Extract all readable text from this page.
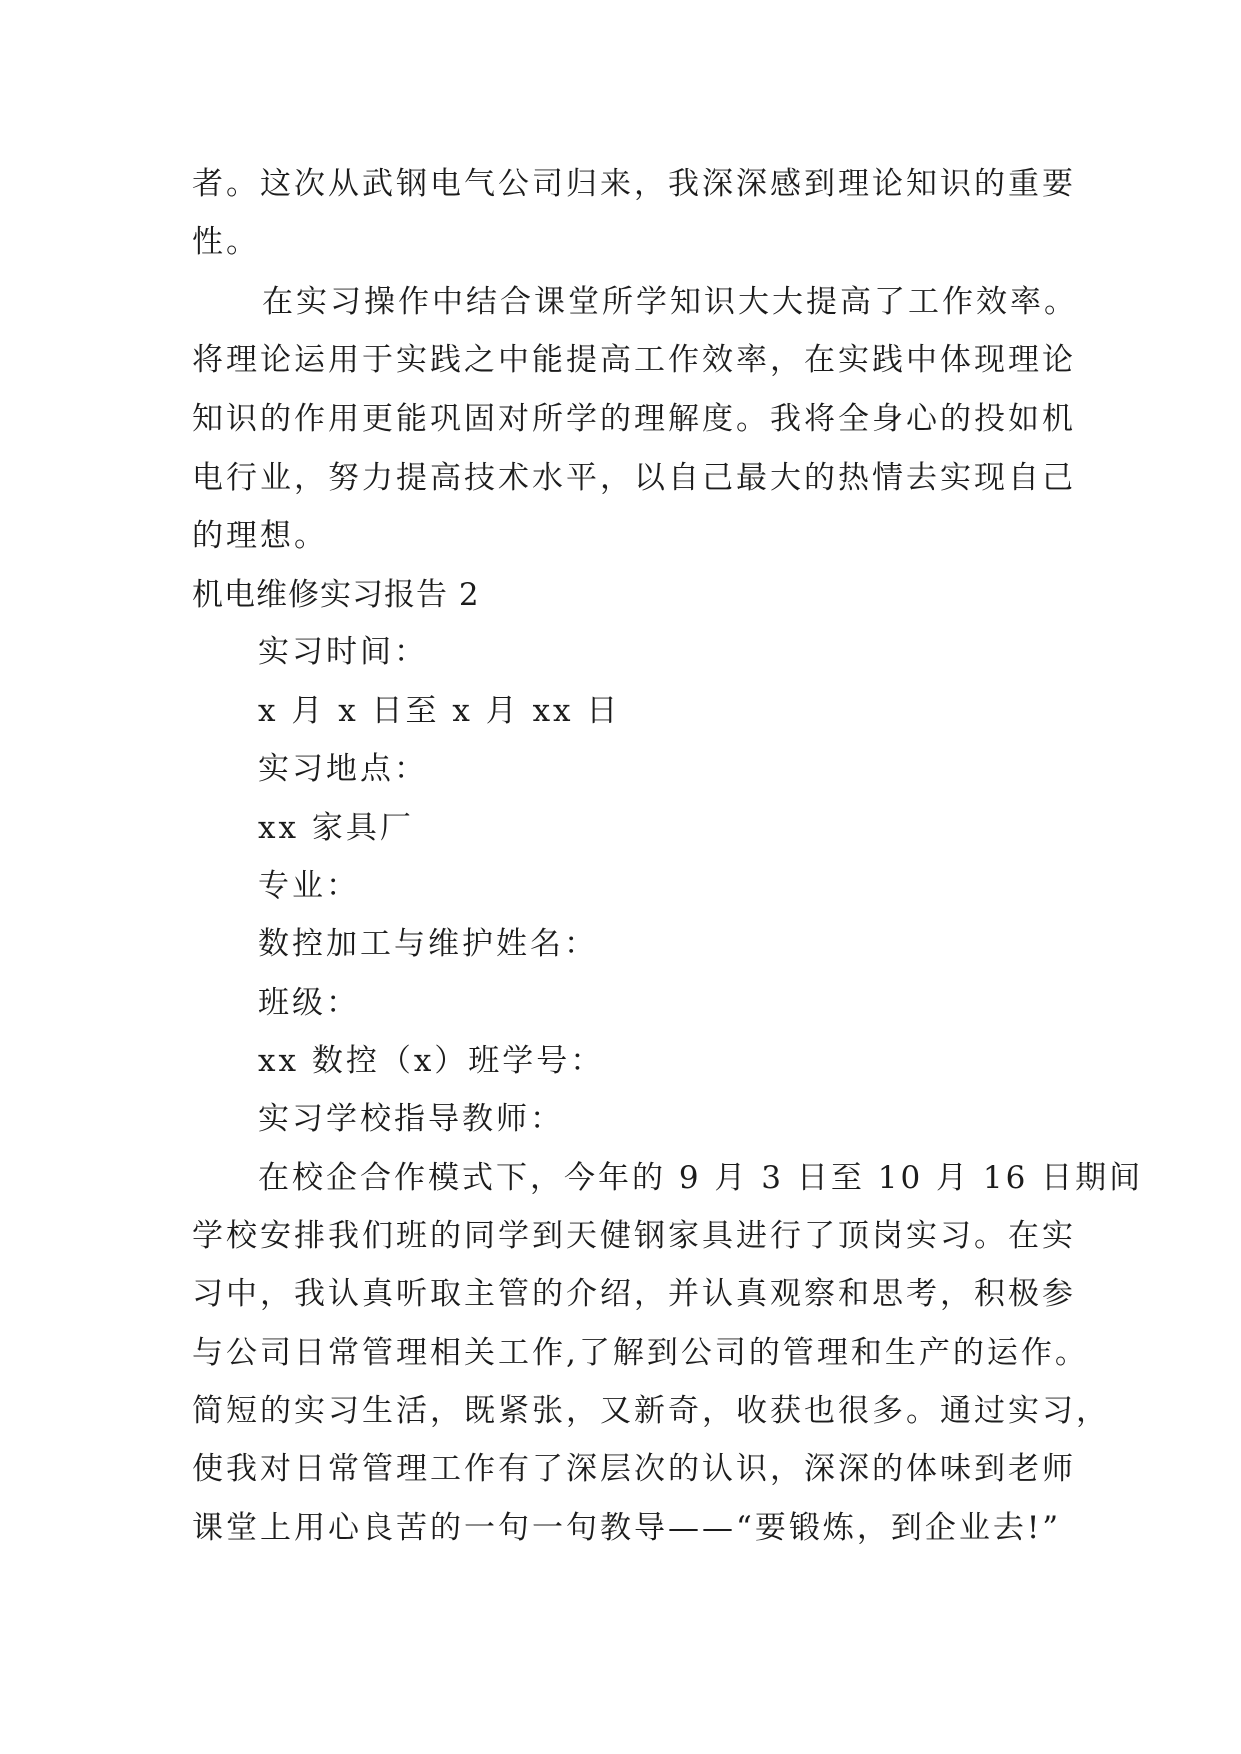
者。这次从武钢电气公司归来，我深深感到理论知识的重要
性。
在实习操作中结合课堂所学知识大大提高了工作效率。
将理论运用于实践之中能提高工作效率，在实践中体现理论
知识的作用更能巩固对所学的理解度。我将全身心的投如机
电行业，努力提高技术水平，以自己最大的热情去实现自己
的理想。
机电维修实习报告 2
实习时间：
x 月 x 日至 x 月 xx 日
实习地点：
xx 家具厂
专业：
数控加工与维护姓名：
班级：
xx 数控（x）班学号：
实习学校指导教师：
在校企合作模式下，今年的 9 月 3 日至 10 月 16 日期间
学校安排我们班的同学到天健钢家具进行了顶岗实习。在实
习中，我认真听取主管的介绍，并认真观察和思考，积极参
与公司日常管理相关工作,了解到公司的管理和生产的运作。
简短的实习生活，既紧张，又新奇，收获也很多。通过实习，
使我对日常管理工作有了深层次的认识，深深的体味到老师
课堂上用心良苦的一句一句教导——“要锻炼，到企业去!”
